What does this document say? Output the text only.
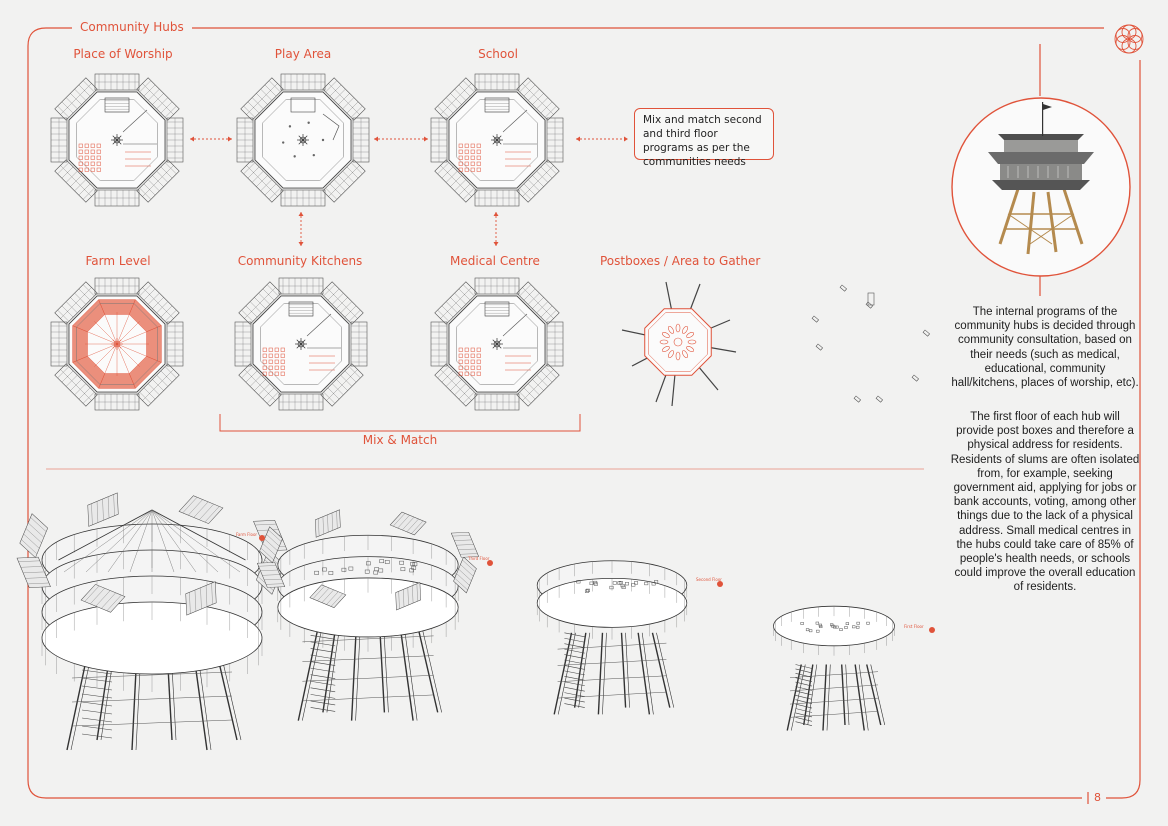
Community Hubs
Place of Worship	Play Area	School
Farm Level	Community Kitchens	Medical Centre	Postboxes / Area to Gather
Mix & Match
Mix and match second and third floor programs as per the communities needs
The internal programs of the community hubs is decided through community consultation, based on their needs (such as medical, educational, community hall/kitchens, places of worship, etc).
The first floor of each hub will provide post boxes and therefore a physical address for residents. Residents of slums are often isolated from, for example, seeking government aid, applying for jobs or bank accounts, voting, among other things due to the lack of a physical address. Small medical centres in the hubs could take care of 85% of people's health needs, or schools could improve the overall education of residents.
Farm Floor
Third Floor
Second Floor
First Floor
8
